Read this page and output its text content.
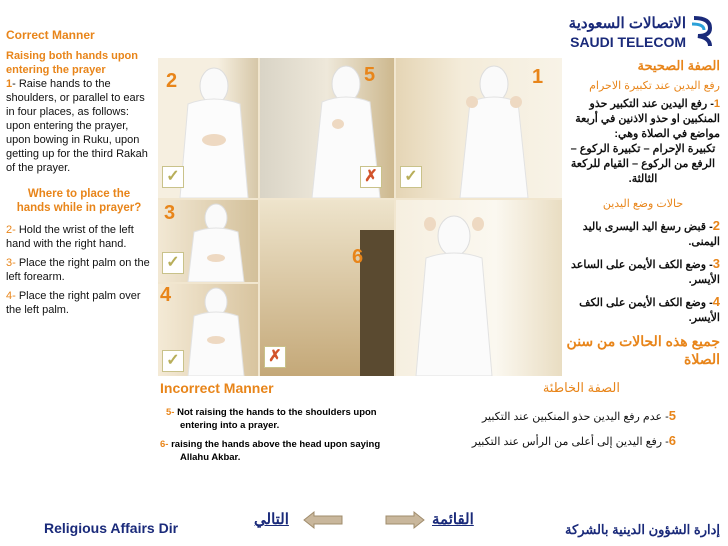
Correct Manner
Raising both hands upon entering the prayer
1- Raise hands to the shoulders, or parallel to ears in four places, as follows: upon entering the prayer, upon bowing in Ruku, upon getting up for the third Rakah of the prayer.
Where to place the hands while in prayer?
2- Hold the wrist of the left hand with the right hand.
3- Place the right palm on the left forearm.
4- Place the right palm over the left palm.
2
✓
5
✗
1
✓
3
✓	6
✗
4
✓
الاتصالات السعودية
SAUDI TELECOM
الصفة الصحيحة
رفع اليدين عند تكبيرة الاحرام
1- رفع اليدين عند التكبير حذو المنكبين او حذو الاذنين في أربعة مواضع في الصلاة وهي:
تكبيرة الإحرام – تكبيرة الركوع – الرفع من الركوع – القيام للركعة الثالثة.
حالات وضع اليدين
2- قبض رسغ اليد اليسرى باليد اليمنى.
3- وضع الكف الأيمن على الساعد الأيسر.
4- وضع الكف الأيمن على الكف الأيسر.
جميع هذه الحالات من سنن الصلاة
Incorrect Manner
5- Not raising the hands to the shoulders upon entering into a prayer.
6- raising the hands above the head upon saying Allahu Akbar.
الصفة الخاطئة
5- عدم رفع اليدين حذو المنكبين عند التكبير
6- رفع اليدين إلى أعلى من الرأس عند التكبير
Religious Affairs Dir	التالي	القائمة
إدارة الشؤون الدينية بالشركة
